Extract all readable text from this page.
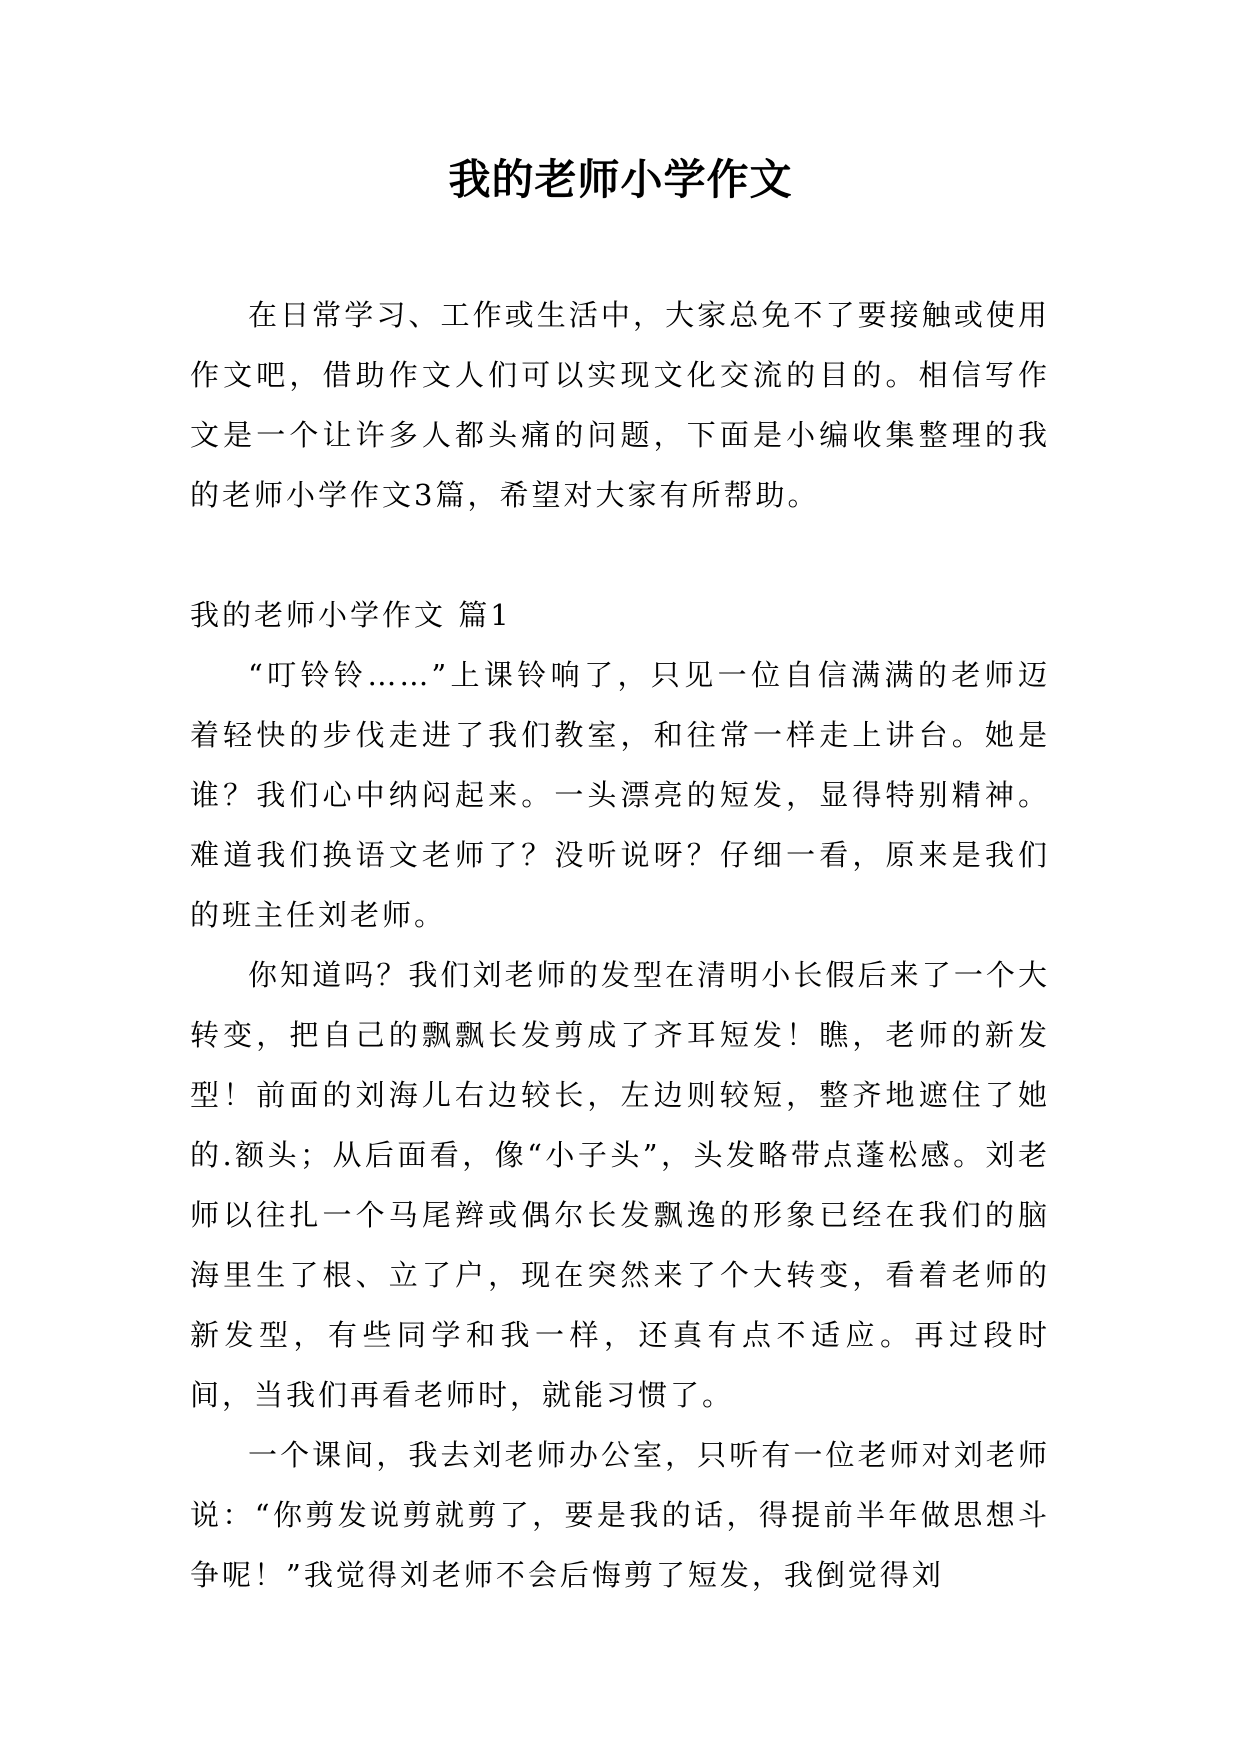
我的老师小学作文

在日常学习、工作或生活中，大家总免不了要接触或使用作文吧，借助作文人们可以实现文化交流的目的。相信写作文是一个让许多人都头痛的问题，下面是小编收集整理的我的老师小学作文3篇，希望对大家有所帮助。

我的老师小学作文 篇1

“叮铃铃……”上课铃响了，只见一位自信满满的老师迈着轻快的步伐走进了我们教室，和往常一样走上讲台。她是谁？我们心中纳闷起来。一头漂亮的短发，显得特别精神。难道我们换语文老师了？没听说呀？仔细一看，原来是我们的班主任刘老师。

你知道吗？我们刘老师的发型在清明小长假后来了一个大转变，把自己的飘飘长发剪成了齐耳短发！瞧，老师的新发型！前面的刘海儿右边较长，左边则较短，整齐地遮住了她的.额头；从后面看，像“小子头”，头发略带点蓬松感。刘老师以往扎一个马尾辫或偶尔长发飘逸的形象已经在我们的脑海里生了根、立了户，现在突然来了个大转变，看着老师的新发型，有些同学和我一样，还真有点不适应。再过段时间，当我们再看老师时，就能习惯了。

一个课间，我去刘老师办公室，只听有一位老师对刘老师说：“你剪发说剪就剪了，要是我的话，得提前半年做思想斗争呢！”我觉得刘老师不会后悔剪了短发，我倒觉得刘
